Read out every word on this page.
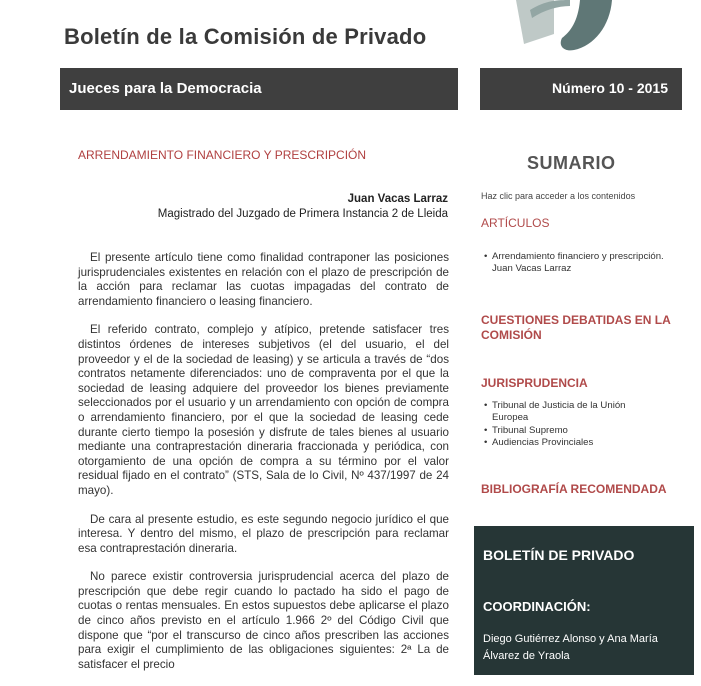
Boletín de la Comisión de Privado
Jueces para la Democracia	Número 10 - 2015
ARRENDAMIENTO FINANCIERO Y PRESCRIPCIÓN
Juan Vacas Larraz
Magistrado del Juzgado de Primera Instancia 2 de Lleida

El presente artículo tiene como finalidad contraponer las posiciones jurisprudenciales existentes en relación con el plazo de prescripción de la acción para reclamar las cuotas impagadas del contrato de arrendamiento financiero o leasing financiero.

El referido contrato, complejo y atípico, pretende satisfacer tres distintos órdenes de intereses subjetivos (el del usuario, el del proveedor y el de la sociedad de leasing) y se articula a través de “dos contratos netamente diferenciados: uno de compraventa por el que la sociedad de leasing adquiere del proveedor los bienes previamente seleccionados por el usuario y un arrendamiento con opción de compra o arrendamiento financiero, por el que la sociedad de leasing cede durante cierto tiempo la posesión y disfrute de tales bienes al usuario mediante una contraprestación dineraria fraccionada y periódica, con otorgamiento de una opción de compra a su término por el valor residual fijado en el contrato” (STS, Sala de lo Civil, Nº 437/1997 de 24 mayo).

De cara al presente estudio, es este segundo negocio jurídico el que interesa. Y dentro del mismo, el plazo de prescripción para reclamar esa contraprestación dineraria.

No parece existir controversia jurisprudencial acerca del plazo de prescripción que debe regir cuando lo pactado ha sido el pago de cuotas o rentas mensuales. En estos supuestos debe aplicarse el plazo de cinco años previsto en el artículo 1.966 2º del Código Civil que dispone que “por el transcurso de cinco años prescriben las acciones para exigir el cumplimiento de las obligaciones siguientes: 2ª La de satisfacer el precio

SUMARIO
Haz clic para acceder a los contenidos
ARTÍCULOS
• Arrendamiento financiero y prescripción. Juan Vacas Larraz
CUESTIONES DEBATIDAS EN LA COMISIÓN
JURISPRUDENCIA
• Tribunal de Justicia de la Unión Europea
• Tribunal Supremo
• Audiencias Provinciales
BIBLIOGRAFÍA RECOMENDADA
BOLETÍN DE PRIVADO
COORDINACIÓN:
Diego Gutiérrez Alonso y Ana María Álvarez de Yraola
